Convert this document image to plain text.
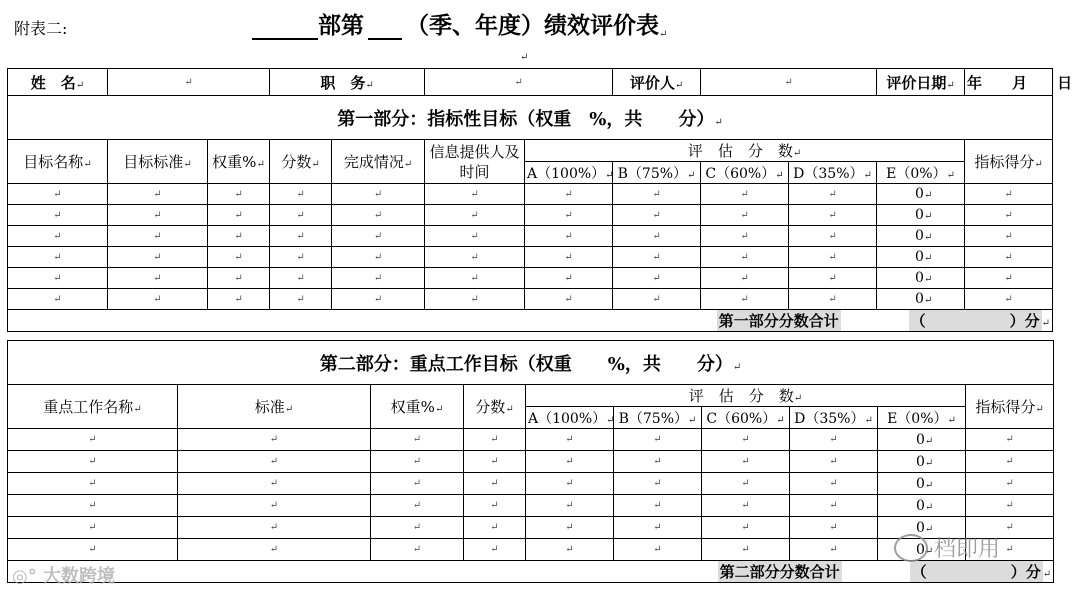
附表二:	部第 （季、年度）绩效评价表 ↵
↵
姓　名↵	↵		职　务↵		↵		评价人↵	↵		评价日期↵	年　　 月　　 日
第一部分：指标性目标（权重　%，共　　分）↵											
目标名称↵	目标标准↵	权重%↵	分数↵	完成情况↵	信息提供人及时间	评　估　分　数↵					指标得分↵
						A（100%）↵	B（75%）↵	C（60%）↵	D（35%）↵	E（0%）↵	
↵	↵	↵	↵	↵	↵	↵	↵	↵	↵	0↵	↵
↵	↵	↵	↵	↵	↵	↵	↵	↵	↵	0↵	↵
↵	↵	↵	↵	↵	↵	↵	↵	↵	↵	0↵	↵
↵	↵	↵	↵	↵	↵	↵	↵	↵	↵	0↵	↵
↵	↵	↵	↵	↵	↵	↵	↵	↵	↵	0↵	↵
↵	↵	↵	↵	↵	↵	↵	↵	↵	↵	0↵	↵
第一部分分数合计 （ ）分 ↵											
第二部分：重点工作目标（权重　　%，共　　分）↵									
重点工作名称↵	标准↵	权重%↵	分数↵	评　估　分　数↵					指标得分↵
				A（100%）↵	B（75%）↵	C（60%）↵	D（35%）↵	E（0%）↵	
↵	↵	↵	↵	↵	↵	↵	↵	0↵	↵
↵	↵	↵	↵	↵	↵	↵	↵	0↵	↵
↵	↵	↵	↵	↵	↵	↵	↵	0↵	↵
↵	↵	↵	↵	↵	↵	↵	↵	0↵	↵
↵	↵	↵	↵	↵	↵	↵	↵	0↵	↵
↵	↵	↵	↵	↵	↵	↵	↵	0↵	↵
第二部分分数合计 （ ）分 ↵									
◎° 大数跨境
档即用
